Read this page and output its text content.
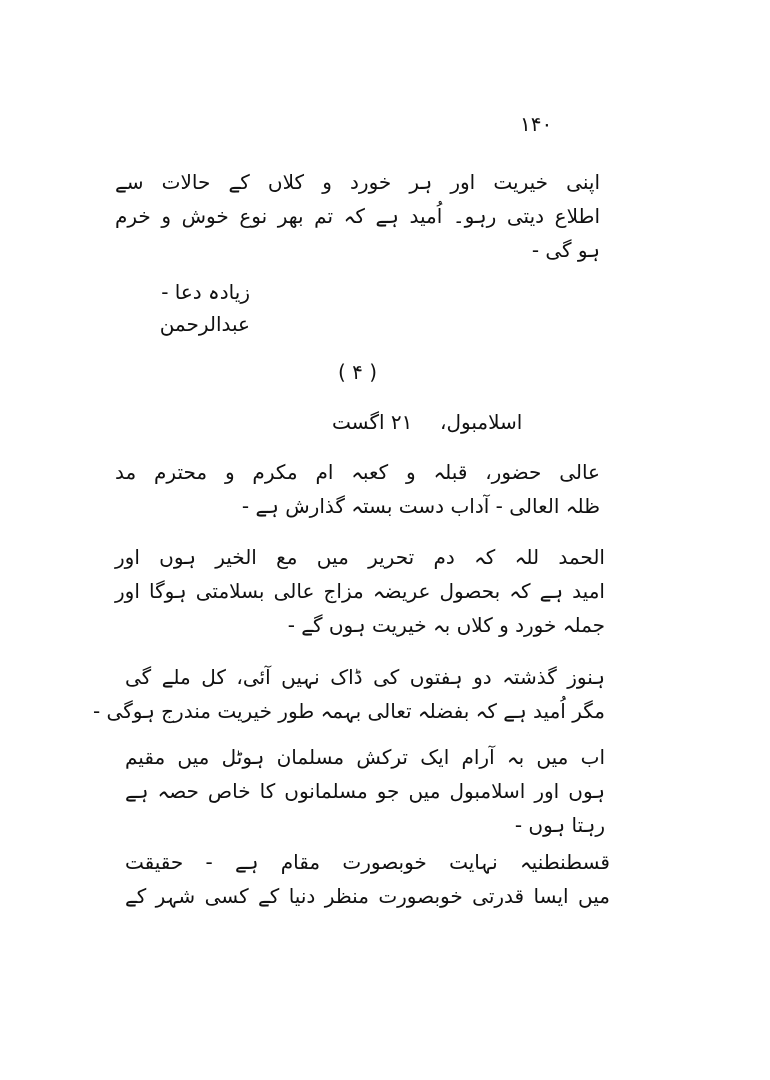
۱۴۰
اپنی خیریت اور ہر خورد و کلاں کے حالات سے
اطلاع دیتی رہو۔ اُمید ہے کہ تم بھر نوع خوش و خرم
ہو گی -
زیادہ دعا -
عبدالرحمن
( ۴ )
۲۱ اگست اسلامبول،
عالی حضور، قبلہ و کعبہ ام مکرم و محترم مد
ظلہ العالی - آداب دست بستہ گذارش ہے -
الحمد للہ کہ دم تحریر میں مع الخیر ہوں اور
امید ہے کہ بحصول عریضہ مزاج عالی بسلامتی ہوگا اور
جملہ خورد و کلاں بہ خیریت ہوں گے -
ہنوز گذشتہ دو ہفتوں کی ڈاک نہیں آئی، کل ملے گی
مگر اُمید ہے کہ بفضلہ تعالی بہمہ طور خیریت مندرج ہوگی -
اب میں بہ آرام ایک ترکش مسلمان ہوٹل میں مقیم
ہوں اور اسلامبول میں جو مسلمانوں کا خاص حصہ ہے
رہتا ہوں -
قسطنطنیہ نہایت خوبصورت مقام ہے - حقیقت
میں ایسا قدرتی خوبصورت منظر دنیا کے کسی شہر کے
